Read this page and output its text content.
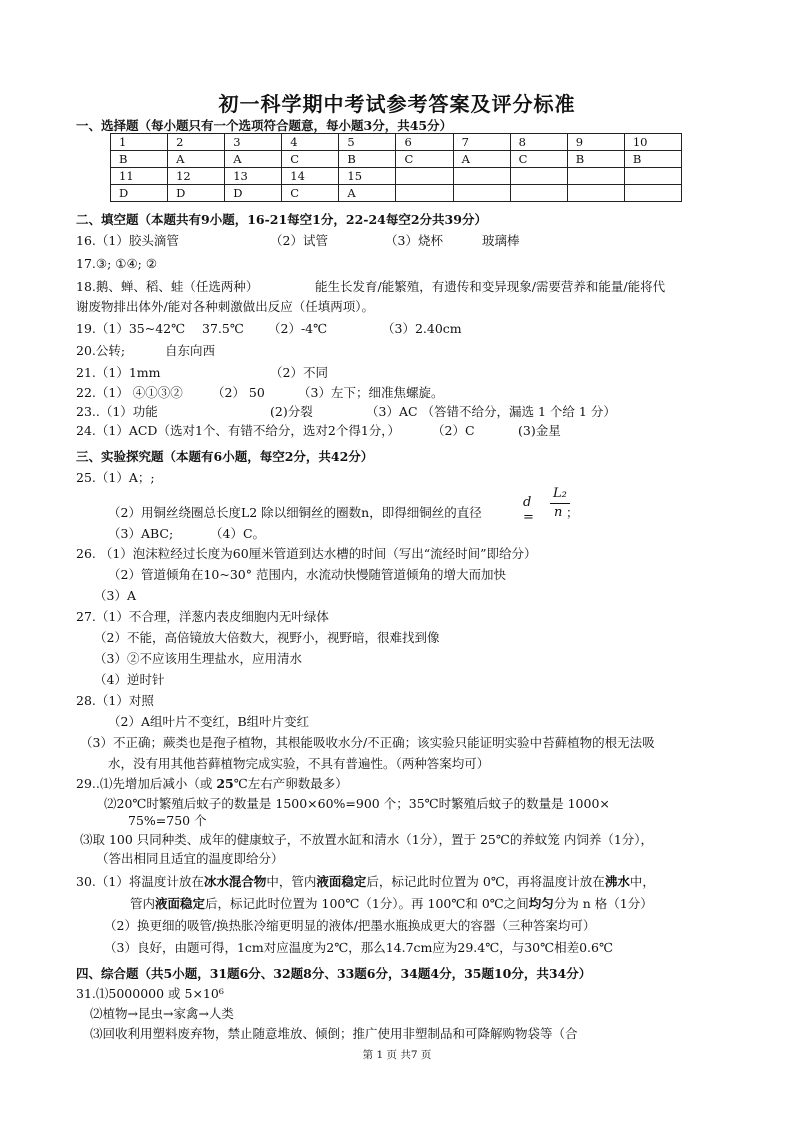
初一科学期中考试参考答案及评分标准
一、选择题（每小题只有一个选项符合题意，每小题3分，共45分）
1	2	3	4	5	6	7	8	9	10
B	A	A	C	B	C	A	C	B	B
11	12	13	14	15					
D	D	D	C	A					
二、填空题（本题共有9小题，16-21每空1分，22-24每空2分共39分）
16.（1）胶头滴管	（2）试管	（3）烧杯	玻璃棒
17.③; ①④; ②
18.鹅、蝉、稻、蛙（任选两种）	能生长发育/能繁殖，有遗传和变异现象/需要营养和能量/能将代
谢废物排出体外/能对各种刺激做出反应（任填两项）。
19.（1）35~42℃ 37.5℃ （2）-4℃	（3）2.40cm
20.公转;	自东向西
21.（1）1mm	（2）不同
22.（1） ④①③② （2） 50	（3）左下；细准焦螺旋。
23..（1）功能	(2)分裂	（3）AC （答错不给分，漏选 1 个给 1 分）
24.（1）ACD（选对1个、有错不给分，选对2个得1分，）	（2）C	(3)金星
三、实验探究题（本题有6小题，每空2分，共42分）
25.（1）A；;
d =
L₂
n
（2）用铜丝绕圈总长度L2 除以细铜丝的圈数n，即得细铜丝的直径	；
（3）ABC;	（4）C。
26. （1）泡沫粒经过长度为60厘米管道到达水槽的时间（写出“流经时间”即给分）
（2）管道倾角在10~30° 范围内，水流动快慢随管道倾角的增大而加快
（3）A
27.（1）不合理，洋葱内表皮细胞内无叶绿体
（2）不能，高倍镜放大倍数大，视野小，视野暗，很难找到像
（3）②不应该用生理盐水，应用清水
（4）逆时针
28.（1）对照
（2）A组叶片不变红，B组叶片变红
（3）不正确；蕨类也是孢子植物，其根能吸收水分/不正确；该实验只能证明实验中苔藓植物的根无法吸
水，没有用其他苔藓植物完成实验，不具有普遍性。（两种答案均可）
29..⑴先增加后减小（或 25℃左右产卵数最多）
⑵20℃时繁殖后蚊子的数量是 1500×60%=900 个；35℃时繁殖后蚊子的数量是 1000×
75%=750 个
⑶取 100 只同种类、成年的健康蚊子，不放置水缸和清水（1分），置于 25℃的养蚊笼 内饲养（1分），
（答出相同且适宜的温度即给分）
30.（1）将温度计放在冰水混合物中，管内液面稳定后，标记此时位置为 0℃，再将温度计放在沸水中，
管内液面稳定后，标记此时位置为 100℃（1分）。再 100℃和 0℃之间均匀分为 n 格（1分）
（2）换更细的吸管/换热胀冷缩更明显的液体/把墨水瓶换成更大的容器（三种答案均可）
（3）良好，由题可得，1cm对应温度为2℃，那么14.7cm应为29.4℃，与30℃相差0.6℃
四、综合题（共5小题，31题6分、32题8分、33题6分，34题4分，35题10分，共34分）
31.⑴5000000 或 5×10⁶
⑵植物→昆虫→家禽→人类
⑶回收利用塑料废弃物，禁止随意堆放、倾倒；推广使用非塑制品和可降解购物袋等（合
第 1 页 共7 页
